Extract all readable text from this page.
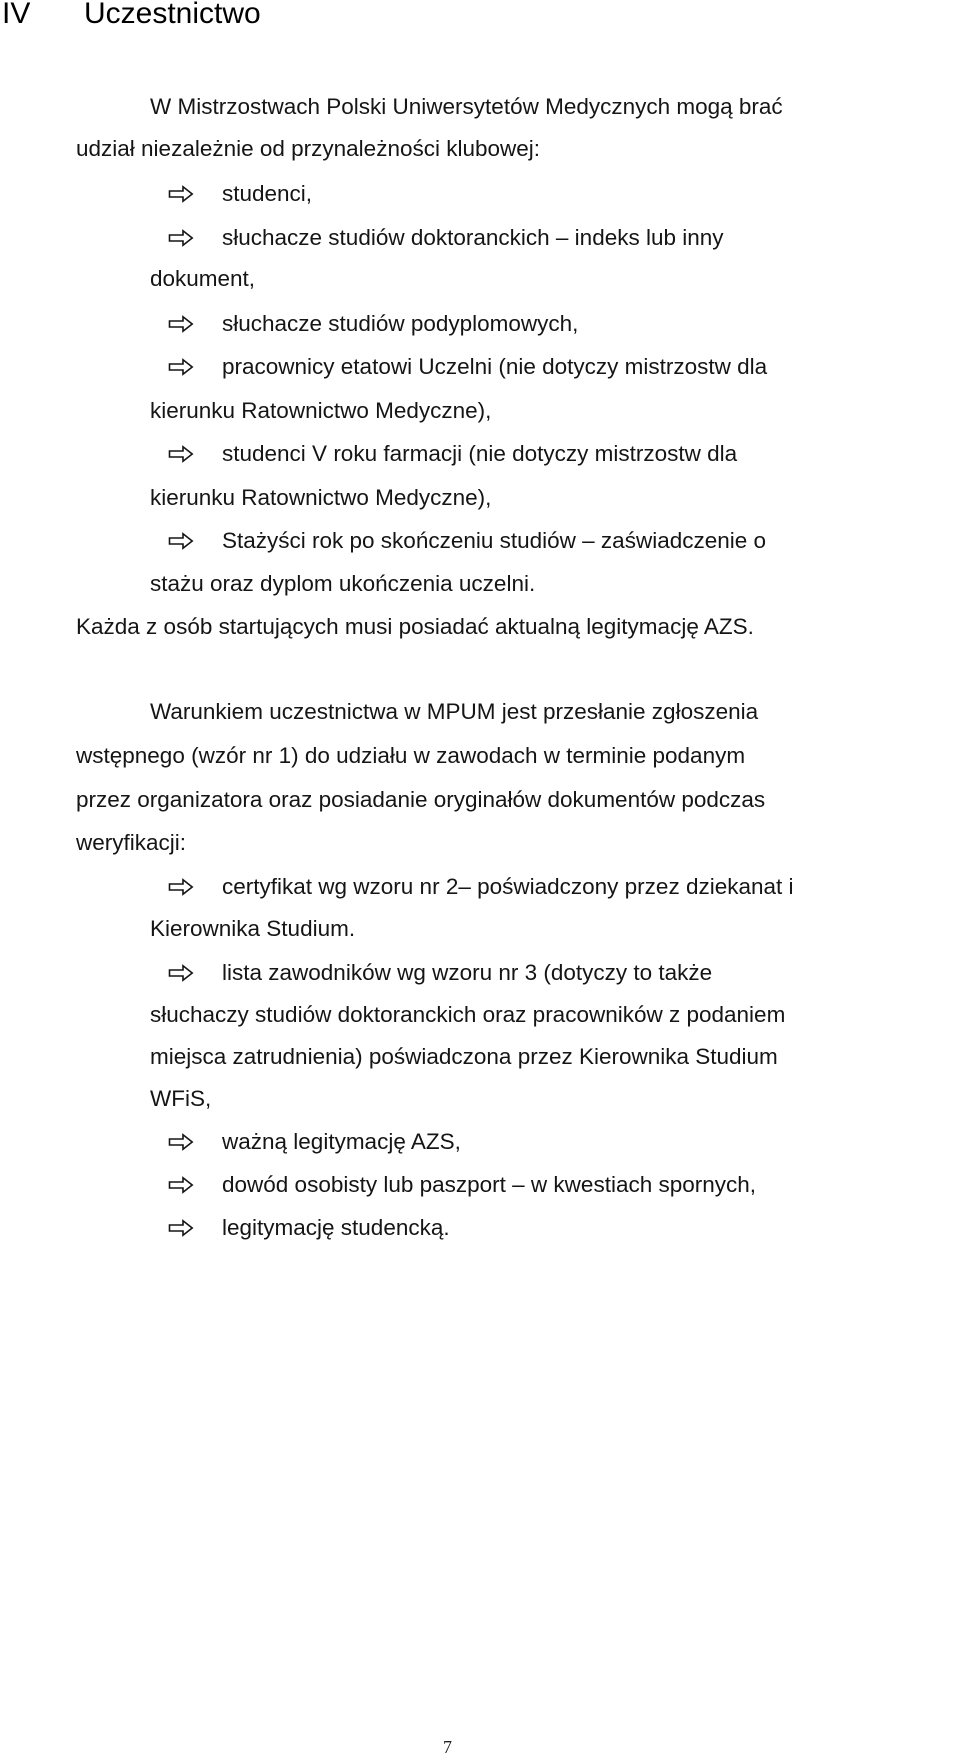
IV Uczestnictwo
W Mistrzostwach Polski Uniwersytetów Medycznych mogą brać
udział niezależnie od przynależności klubowej:
studenci,
słuchacze studiów doktoranckich – indeks lub inny
dokument,
słuchacze studiów podyplomowych,
pracownicy etatowi Uczelni (nie dotyczy mistrzostw dla
kierunku Ratownictwo Medyczne),
studenci V roku farmacji (nie dotyczy mistrzostw dla
kierunku Ratownictwo Medyczne),
Stażyści rok po skończeniu studiów – zaświadczenie o
stażu oraz dyplom ukończenia uczelni.
Każda z osób startujących musi posiadać aktualną legitymację AZS.
Warunkiem uczestnictwa w MPUM jest przesłanie zgłoszenia
wstępnego (wzór nr 1) do udziału w zawodach w terminie podanym
przez organizatora oraz posiadanie oryginałów dokumentów podczas
weryfikacji:
certyfikat wg wzoru nr 2– poświadczony przez dziekanat i
Kierownika Studium.
lista zawodników wg wzoru nr 3 (dotyczy to także
słuchaczy studiów doktoranckich oraz pracowników z podaniem
miejsca zatrudnienia) poświadczona przez Kierownika Studium
WFiS,
ważną legitymację AZS,
dowód osobisty lub paszport – w kwestiach spornych,
legitymację studencką.
7
